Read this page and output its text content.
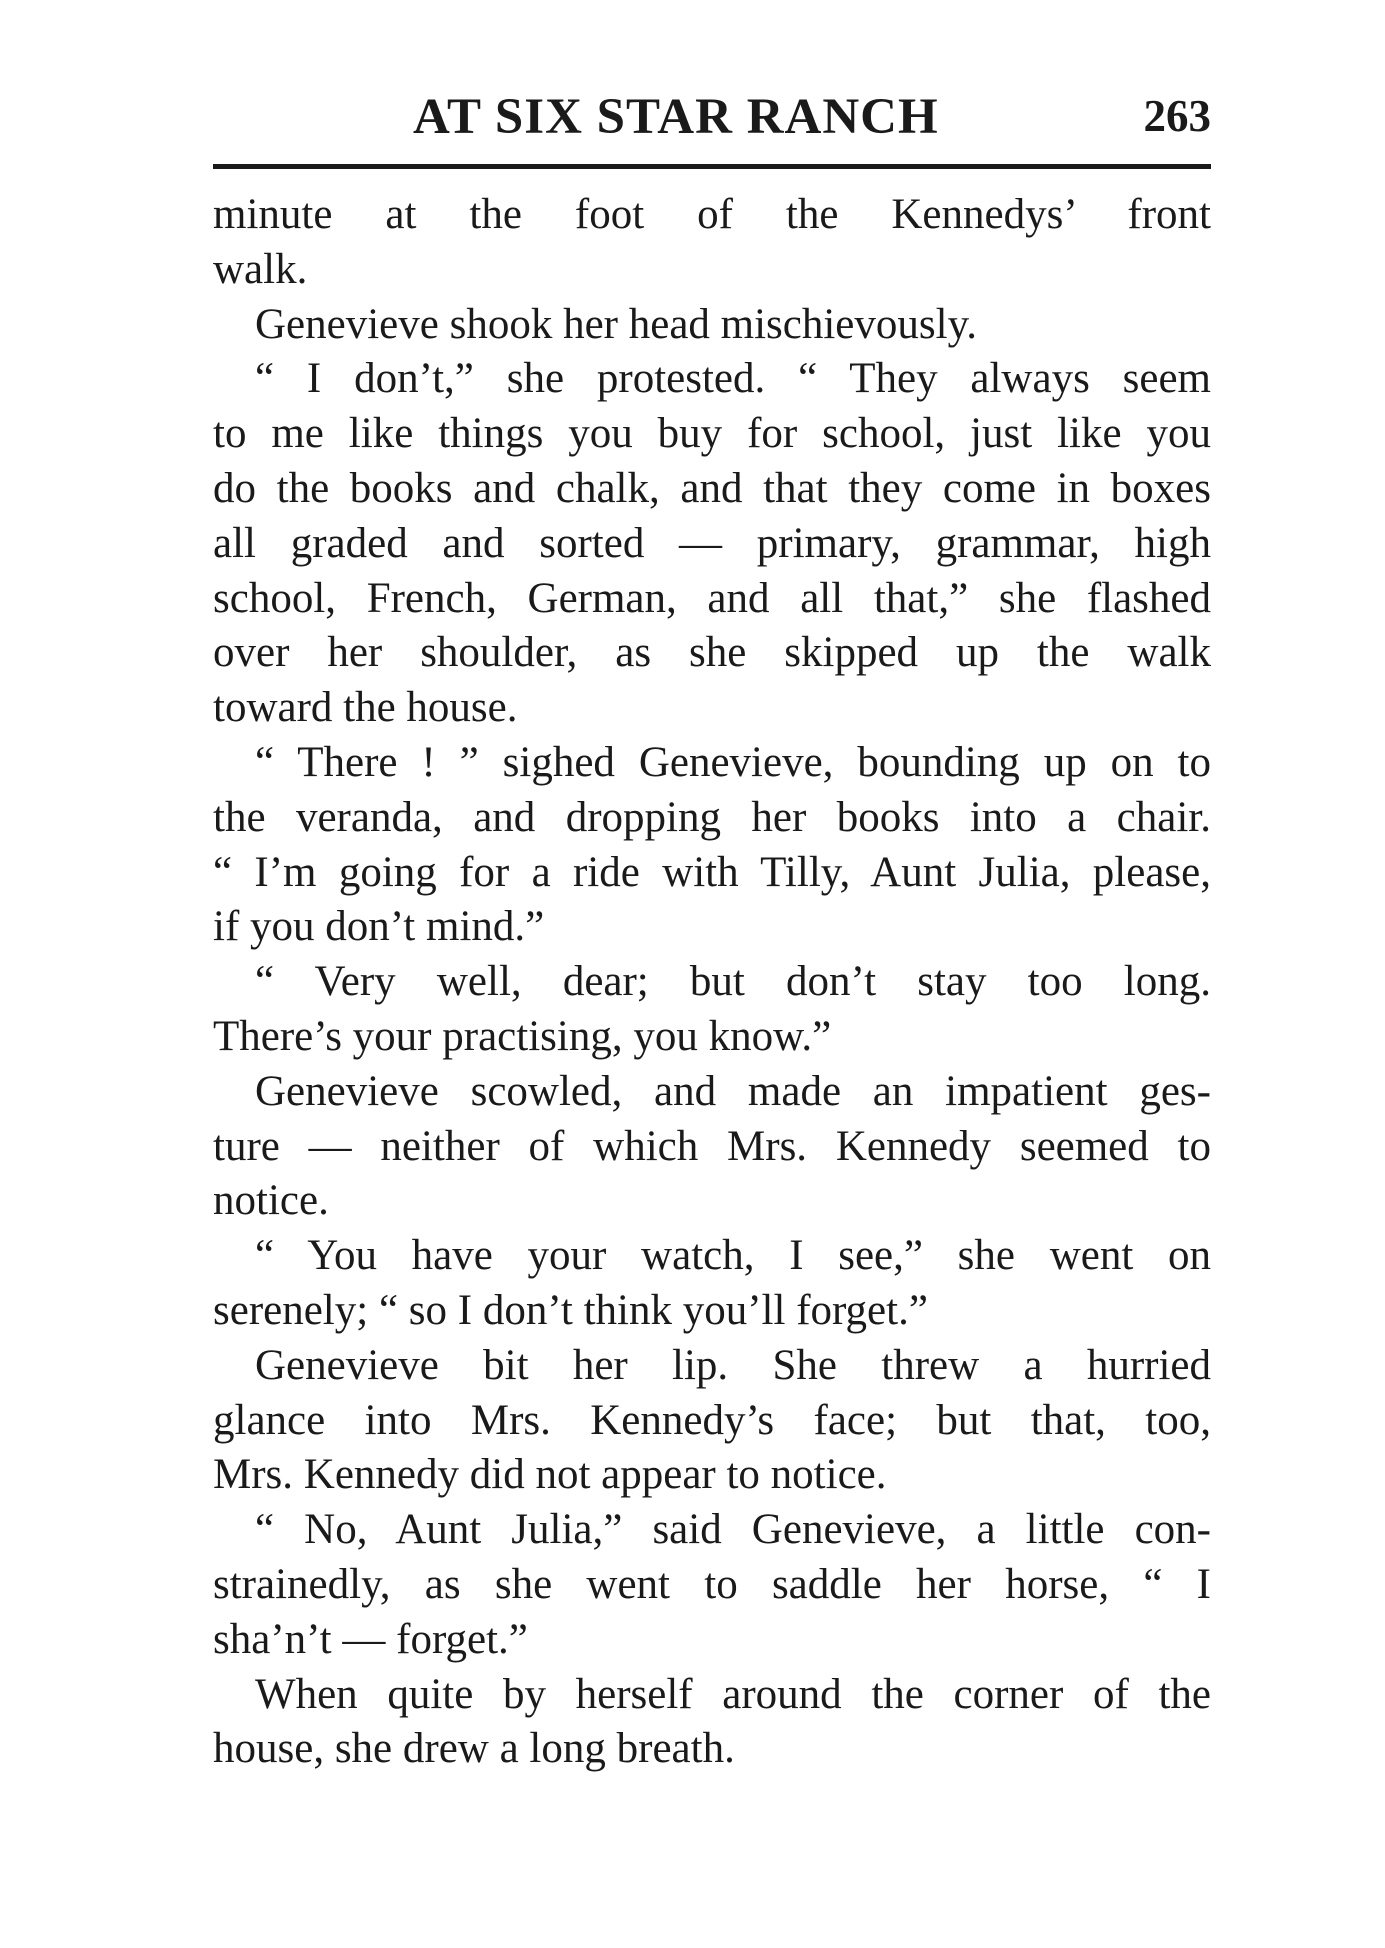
AT SIX STAR RANCH	263
minute at the foot of the Kennedys’ front
walk.
Genevieve shook her head mischievously.
“ I don’t,” she protested. “ They always seem
to me like things you buy for school, just like you
do the books and chalk, and that they come in boxes
all graded and sorted — primary, grammar, high
school, French, German, and all that,” she flashed
over her shoulder, as she skipped up the walk
toward the house.
“ There ! ” sighed Genevieve, bounding up on to
the veranda, and dropping her books into a chair.
“ I’m going for a ride with Tilly, Aunt Julia, please,
if you don’t mind.”
“ Very well, dear; but don’t stay too long.
There’s your practising, you know.”
Genevieve scowled, and made an impatient ges-
ture — neither of which Mrs. Kennedy seemed to
notice.
“ You have your watch, I see,” she went on
serenely; “ so I don’t think you’ll forget.”
Genevieve bit her lip. She threw a hurried
glance into Mrs. Kennedy’s face; but that, too,
Mrs. Kennedy did not appear to notice.
“ No, Aunt Julia,” said Genevieve, a little con-
strainedly, as she went to saddle her horse, “ I
sha’n’t — forget.”
When quite by herself around the corner of the
house, she drew a long breath.
